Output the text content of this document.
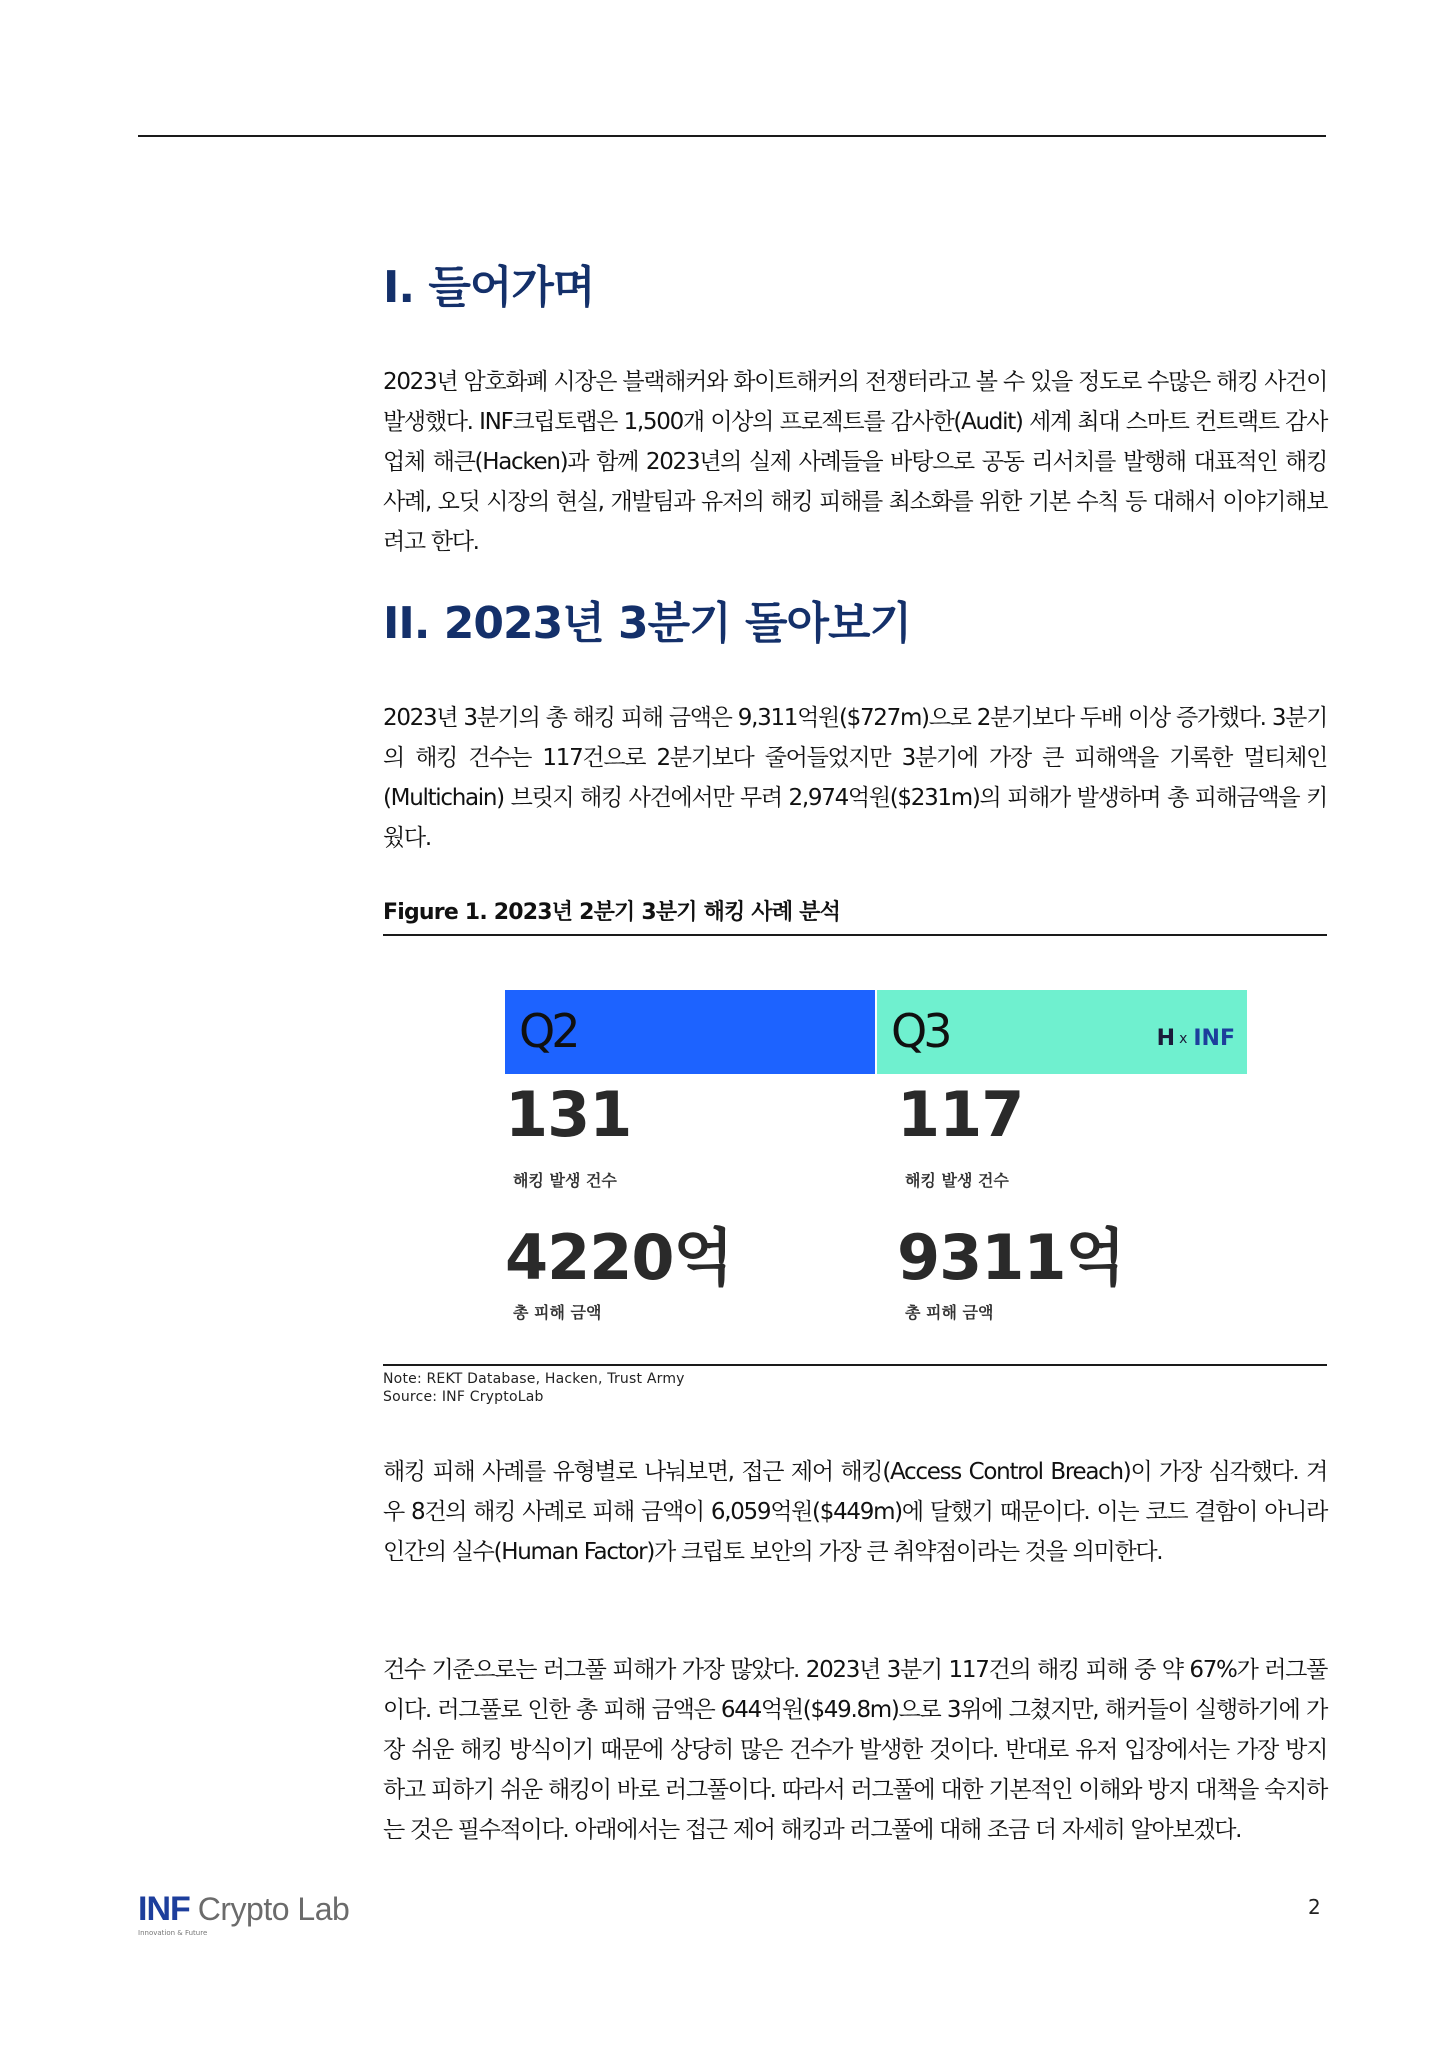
I. 들어가며

2023년 암호화폐 시장은 블랙해커와 화이트해커의 전쟁터라고 볼 수 있을 정도로 수많은 해킹 사건이 발생했다. INF크립토랩은 1,500개 이상의 프로젝트를 감사한(Audit) 세계 최대 스마트 컨트랙트 감사 업체 해큰(Hacken)과 함께 2023년의 실제 사례들을 바탕으로 공동 리서치를 발행해 대표적인 해킹 사례, 오딧 시장의 현실, 개발팀과 유저의 해킹 피해를 최소화를 위한 기본 수칙 등 대해서 이야기해보려고 한다.

II. 2023년 3분기 돌아보기

2023년 3분기의 총 해킹 피해 금액은 9,311억원($727m)으로 2분기보다 두배 이상 증가했다. 3분기의 해킹 건수는 117건으로 2분기보다 줄어들었지만 3분기에 가장 큰 피해액을 기록한 멀티체인(Multichain) 브릿지 해킹 사건에서만 무려 2,974억원($231m)의 피해가 발생하며 총 피해금액을 키웠다.

Figure 1. 2023년 2분기 3분기 해킹 사례 분석
Q2	Q3	H x INF
131
해킹 발생 건수
4220억
총 피해 금액
117
해킹 발생 건수
9311억
총 피해 금액
Note: REKT Database, Hacken, Trust Army
Source: INF CryptoLab

해킹 피해 사례를 유형별로 나눠보면, 접근 제어 해킹(Access Control Breach)이 가장 심각했다. 겨우 8건의 해킹 사례로 피해 금액이 6,059억원($449m)에 달했기 때문이다. 이는 코드 결함이 아니라 인간의 실수(Human Factor)가 크립토 보안의 가장 큰 취약점이라는 것을 의미한다.

건수 기준으로는 러그풀 피해가 가장 많았다. 2023년 3분기 117건의 해킹 피해 중 약 67%가 러그풀이다. 러그풀로 인한 총 피해 금액은 644억원($49.8m)으로 3위에 그쳤지만, 해커들이 실행하기에 가장 쉬운 해킹 방식이기 때문에 상당히 많은 건수가 발생한 것이다. 반대로 유저 입장에서는 가장 방지하고 피하기 쉬운 해킹이 바로 러그풀이다. 따라서 러그풀에 대한 기본적인 이해와 방지 대책을 숙지하는 것은 필수적이다. 아래에서는 접근 제어 해킹과 러그풀에 대해 조금 더 자세히 알아보겠다.

INF Crypto Lab
Innovation & Future
2
